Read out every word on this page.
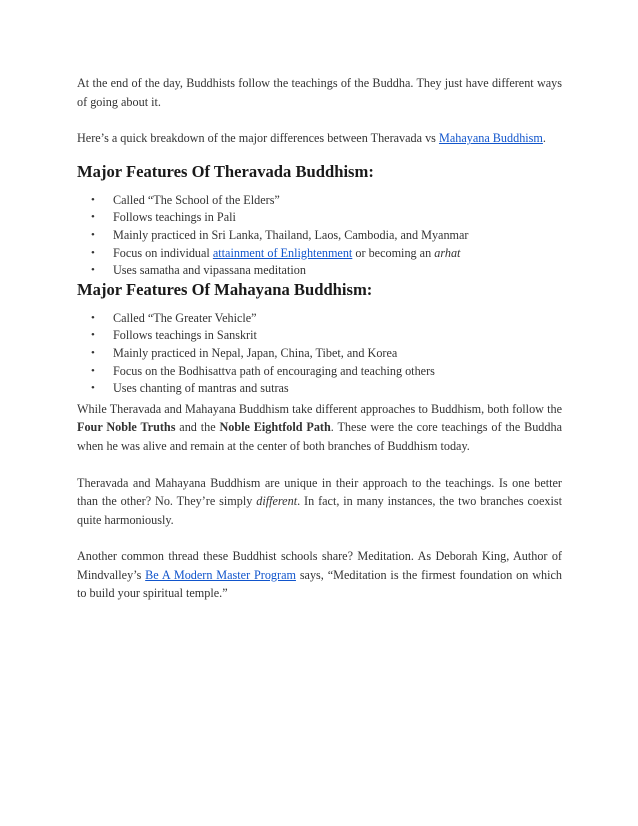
At the end of the day, Buddhists follow the teachings of the Buddha. They just have different ways of going about it.

Here’s a quick breakdown of the major differences between Theravada vs Mahayana Buddhism.

Major Features Of Theravada Buddhism:
• Called “The School of the Elders”
• Follows teachings in Pali
• Mainly practiced in Sri Lanka, Thailand, Laos, Cambodia, and Myanmar
• Focus on individual attainment of Enlightenment or becoming an arhat
• Uses samatha and vipassana meditation
Major Features Of Mahayana Buddhism:
• Called “The Greater Vehicle”
• Follows teachings in Sanskrit
• Mainly practiced in Nepal, Japan, China, Tibet, and Korea
• Focus on the Bodhisattva path of encouraging and teaching others
• Uses chanting of mantras and sutras

While Theravada and Mahayana Buddhism take different approaches to Buddhism, both follow the Four Noble Truths and the Noble Eightfold Path. These were the core teachings of the Buddha when he was alive and remain at the center of both branches of Buddhism today.

Theravada and Mahayana Buddhism are unique in their approach to the teachings. Is one better than the other? No. They’re simply different. In fact, in many instances, the two branches coexist quite harmoniously.

Another common thread these Buddhist schools share? Meditation. As Deborah King, Author of Mindvalley’s Be A Modern Master Program says, “Meditation is the firmest foundation on which to build your spiritual temple.”
